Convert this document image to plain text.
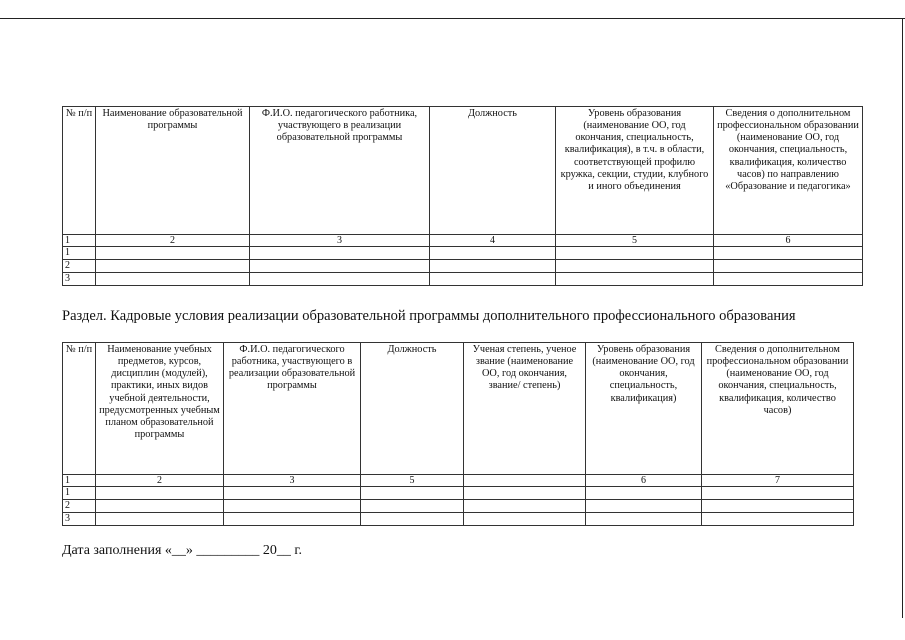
№ п/п	Наименование образовательной программы	Ф.И.О. педагогического работника, участвующего в реализации образовательной программы	Должность	Уровень образования (наименование ОО, год окончания, специальность, квалификация), в т.ч. в области, соответствующей профилю кружка, секции, студии, клубного и иного объединения	Сведения о дополнительном профессиональном образовании (наименование ОО, год окончания, специальность, квалификация, количество часов) по направлению «Образование и педагогика»
1	2	3	4	5	6
1					
2					
3					
Раздел. Кадровые условия реализации образовательной программы дополнительного профессионального образования
№ п/п	Наименование учебных предметов, курсов, дисциплин (модулей), практики, иных видов учебной деятельности, предусмотренных учебным планом образовательной программы	Ф.И.О. педагогического работника, участвующего в реализации образовательной программы	Должность	Ученая степень, ученое звание (наименование ОО, год окончания, звание/ степень)	Уровень образования (наименование ОО, год окончания, специальность, квалификация)	Сведения о дополнительном профессиональном образовании (наименование ОО, год окончания, специальность, квалификация, количество часов)
1	2	3	5		6	7
1						
2						
3						
Дата заполнения «__» _________ 20__ г.
